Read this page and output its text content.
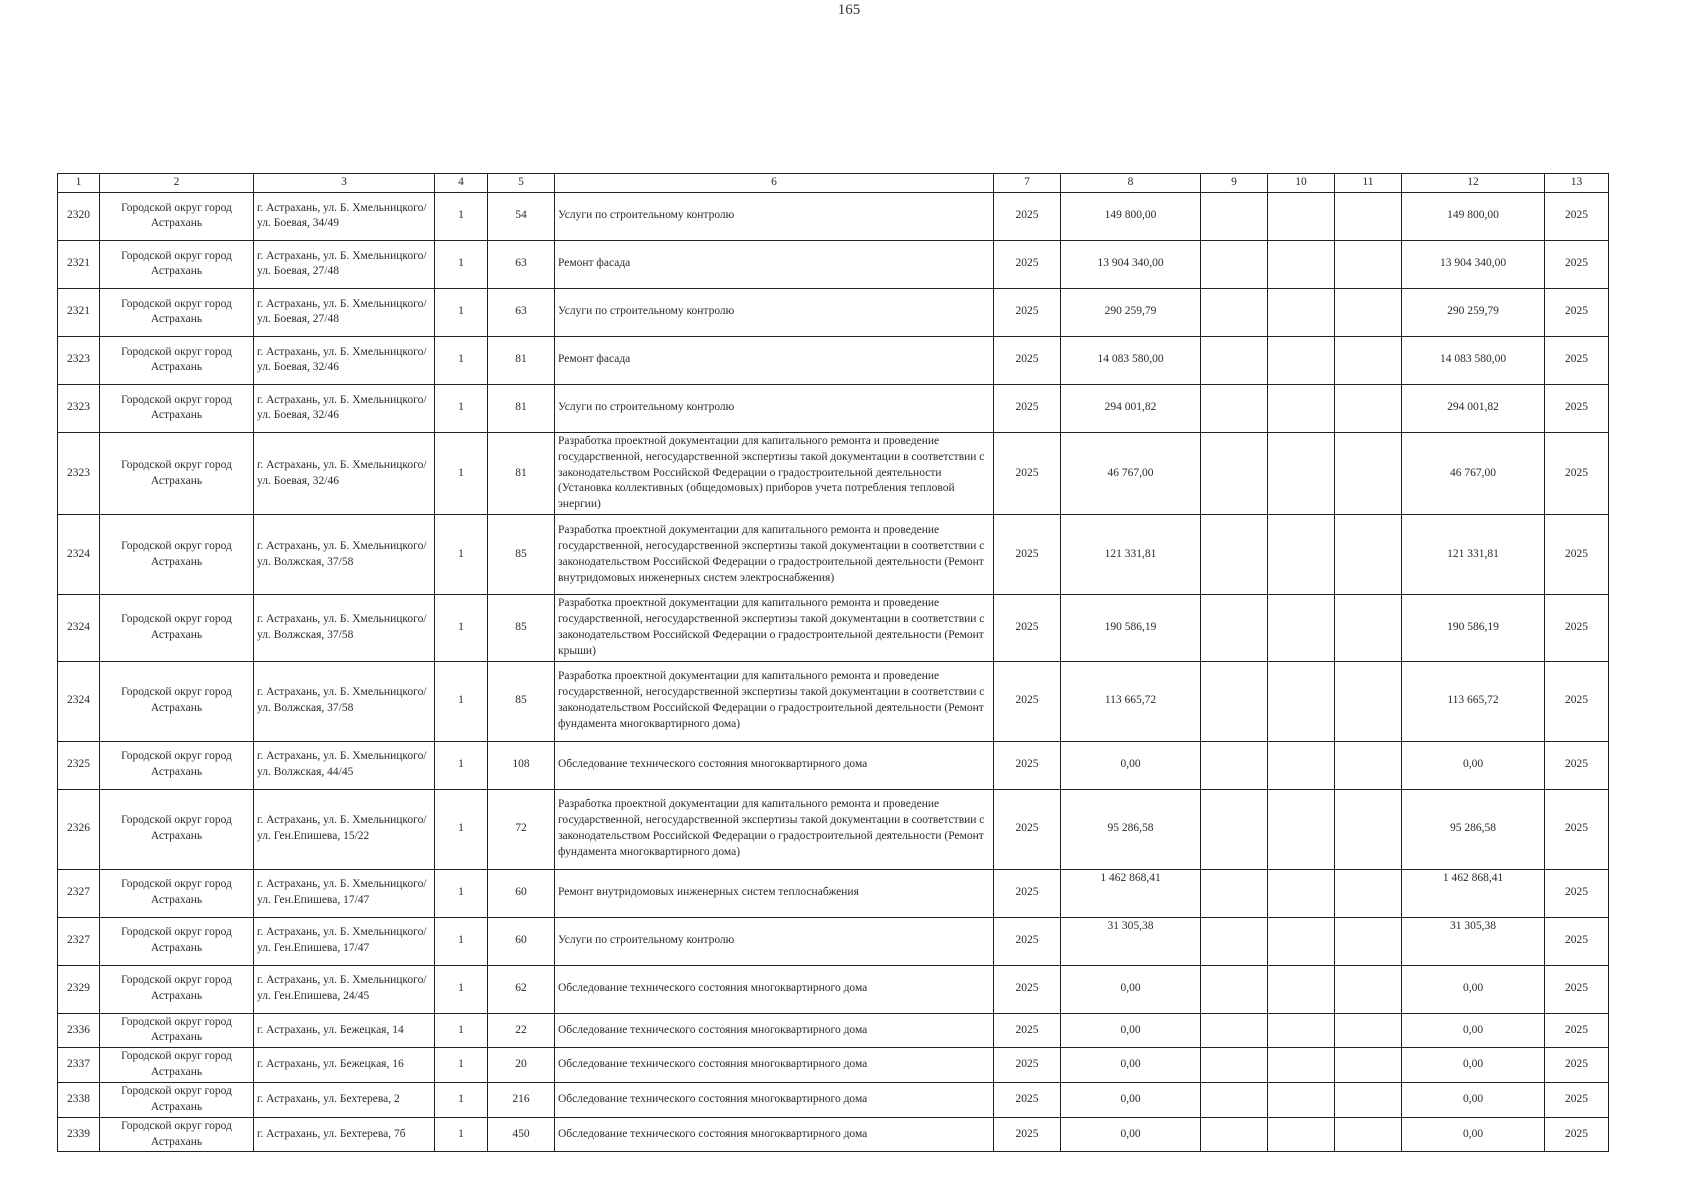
165
1	2	3	4	5	6	7	8	9	10	11	12	13
2320	Городской округ город Астрахань	г. Астрахань, ул. Б. Хмельницкого/ ул. Боевая, 34/49	1	54	Услуги по строительному контролю	2025	149 800,00				149 800,00	2025
2321	Городской округ город Астрахань	г. Астрахань, ул. Б. Хмельницкого/ ул. Боевая, 27/48	1	63	Ремонт фасада	2025	13 904 340,00				13 904 340,00	2025
2321	Городской округ город Астрахань	г. Астрахань, ул. Б. Хмельницкого/ ул. Боевая, 27/48	1	63	Услуги по строительному контролю	2025	290 259,79				290 259,79	2025
2323	Городской округ город Астрахань	г. Астрахань, ул. Б. Хмельницкого/ ул. Боевая, 32/46	1	81	Ремонт фасада	2025	14 083 580,00				14 083 580,00	2025
2323	Городской округ город Астрахань	г. Астрахань, ул. Б. Хмельницкого/ ул. Боевая, 32/46	1	81	Услуги по строительному контролю	2025	294 001,82				294 001,82	2025
2323	Городской округ город Астрахань	г. Астрахань, ул. Б. Хмельницкого/ ул. Боевая, 32/46	1	81	Разработка проектной документации для капитального ремонта и проведение государственной, негосударственной экспертизы такой документации в соответствии с законодательством Российской Федерации о градостроительной деятельности (Установка коллективных (общедомовых) приборов учета потребления тепловой энергии)	2025	46 767,00				46 767,00	2025
2324	Городской округ город Астрахань	г. Астрахань, ул. Б. Хмельницкого/ ул. Волжская, 37/58	1	85	Разработка проектной документации для капитального ремонта и проведение государственной, негосударственной экспертизы такой документации в соответствии с законодательством Российской Федерации о градостроительной деятельности (Ремонт внутридомовых инженерных систем электроснабжения)	2025	121 331,81				121 331,81	2025
2324	Городской округ город Астрахань	г. Астрахань, ул. Б. Хмельницкого/ ул. Волжская, 37/58	1	85	Разработка проектной документации для капитального ремонта и проведение государственной, негосударственной экспертизы такой документации в соответствии с законодательством Российской Федерации о градостроительной деятельности (Ремонт крыши)	2025	190 586,19				190 586,19	2025
2324	Городской округ город Астрахань	г. Астрахань, ул. Б. Хмельницкого/ ул. Волжская, 37/58	1	85	Разработка проектной документации для капитального ремонта и проведение государственной, негосударственной экспертизы такой документации в соответствии с законодательством Российской Федерации о градостроительной деятельности (Ремонт фундамента многоквартирного дома)	2025	113 665,72				113 665,72	2025
2325	Городской округ город Астрахань	г. Астрахань, ул. Б. Хмельницкого/ ул. Волжская, 44/45	1	108	Обследование технического состояния многоквартирного дома	2025	0,00				0,00	2025
2326	Городской округ город Астрахань	г. Астрахань, ул. Б. Хмельницкого/ ул. Ген.Епишева, 15/22	1	72	Разработка проектной документации для капитального ремонта и проведение государственной, негосударственной экспертизы такой документации в соответствии с законодательством Российской Федерации о градостроительной деятельности (Ремонт фундамента многоквартирного дома)	2025	95 286,58				95 286,58	2025
2327	Городской округ город Астрахань	г. Астрахань, ул. Б. Хмельницкого/ ул. Ген.Епишева, 17/47	1	60	Ремонт внутридомовых инженерных систем теплоснабжения	2025	1 462 868,41				1 462 868,41	2025
2327	Городской округ город Астрахань	г. Астрахань, ул. Б. Хмельницкого/ ул. Ген.Епишева, 17/47	1	60	Услуги по строительному контролю	2025	31 305,38				31 305,38	2025
2329	Городской округ город Астрахань	г. Астрахань, ул. Б. Хмельницкого/ ул. Ген.Епишева, 24/45	1	62	Обследование технического состояния многоквартирного дома	2025	0,00				0,00	2025
2336	Городской округ город Астрахань	г. Астрахань, ул. Бежецкая, 14	1	22	Обследование технического состояния многоквартирного дома	2025	0,00				0,00	2025
2337	Городской округ город Астрахань	г. Астрахань, ул. Бежецкая, 16	1	20	Обследование технического состояния многоквартирного дома	2025	0,00				0,00	2025
2338	Городской округ город Астрахань	г. Астрахань, ул. Бехтерева, 2	1	216	Обследование технического состояния многоквартирного дома	2025	0,00				0,00	2025
2339	Городской округ город Астрахань	г. Астрахань, ул. Бехтерева, 7б	1	450	Обследование технического состояния многоквартирного дома	2025	0,00				0,00	2025
